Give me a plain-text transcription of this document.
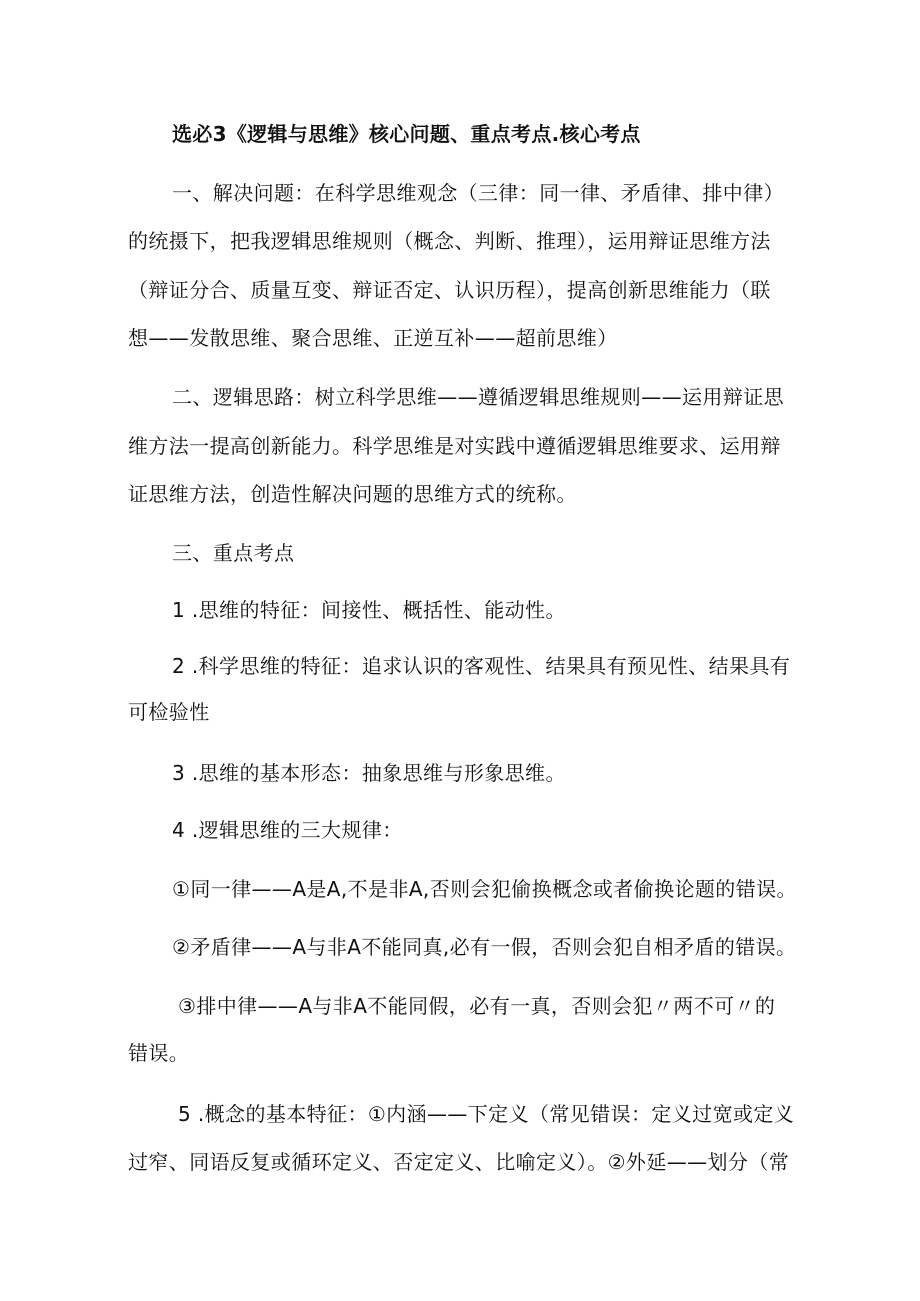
选必3《逻辑与思维》核心问题、重点考点.核心考点
一、解决问题：在科学思维观念（三律：同一律、矛盾律、排中律）
的统摄下，把我逻辑思维规则（概念、判断、推理），运用辩证思维方法
（辩证分合、质量互变、辩证否定、认识历程），提高创新思维能力（联
想——发散思维、聚合思维、正逆互补——超前思维）
二、逻辑思路：树立科学思维——遵循逻辑思维规则——运用辩证思
维方法一提高创新能力。科学思维是对实践中遵循逻辑思维要求、运用辩
证思维方法，创造性解决问题的思维方式的统称。
三、重点考点
1 .思维的特征：间接性、概括性、能动性。
2 .科学思维的特征：追求认识的客观性、结果具有预见性、结果具有
可检验性
3 .思维的基本形态：抽象思维与形象思维。
4 .逻辑思维的三大规律：
①同一律——A是A,不是非A,否则会犯偷换概念或者偷换论题的错误。
②矛盾律——A与非A不能同真,必有一假，否则会犯自相矛盾的错误。
③排中律——A与非A不能同假，必有一真，否则会犯〃两不可〃的
错误。
5 .概念的基本特征：①内涵——下定义（常见错误：定义过宽或定义
过窄、同语反复或循环定义、否定定义、比喻定义）。②外延——划分（常
